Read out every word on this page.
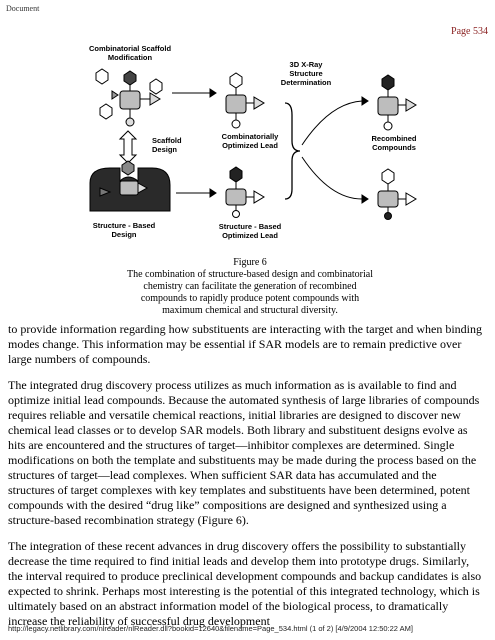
Document
Page 534
Combinatorial Scaffold
Modification
Scaffold
Design
Structure - Based
Design
Combinatorially
Optimized Lead
Structure - Based
Optimized Lead
3D X-Ray
Structure
Determination
Recombined
Compounds
Figure 6
The combination of structure-based design and combinatorial
chemistry can facilitate the generation of recombined
compounds to rapidly produce potent compounds with
maximum chemical and structural diversity.

to provide information regarding how substituents are interacting with the target and when binding modes change. This information may be essential if SAR models are to remain predictive over large numbers of compounds.

The integrated drug discovery process utilizes as much information as is available to find and optimize initial lead compounds. Because the automated synthesis of large libraries of compounds requires reliable and versatile chemical reactions, initial libraries are designed to discover new chemical lead classes or to develop SAR models. Both library and substituent designs evolve as hits are encountered and the structures of target—inhibitor complexes are determined. Single modifications on both the template and substituents may be made during the process based on the structures of target—lead complexes. When sufficient SAR data has accumulated and the structures of target complexes with key templates and substituents have been determined, potent compounds with the desired “drug like” compositions are designed and synthesized using a structure-based recombination strategy (Figure 6).

The integration of these recent advances in drug discovery offers the possibility to substantially decrease the time required to find initial leads and develop them into prototype drugs. Similarly, the interval required to produce preclinical development compounds and backup candidates is also expected to shrink. Perhaps most interesting is the potential of this integrated technology, which is ultimately based on an abstract information model of the biological process, to dramatically increase the reliability of successful drug development

http://legacy.netlibrary.com/nlreader/nlReader.dll?bookid=12640&filename=Page_534.html (1 of 2) [4/9/2004 12:50:22 AM]
